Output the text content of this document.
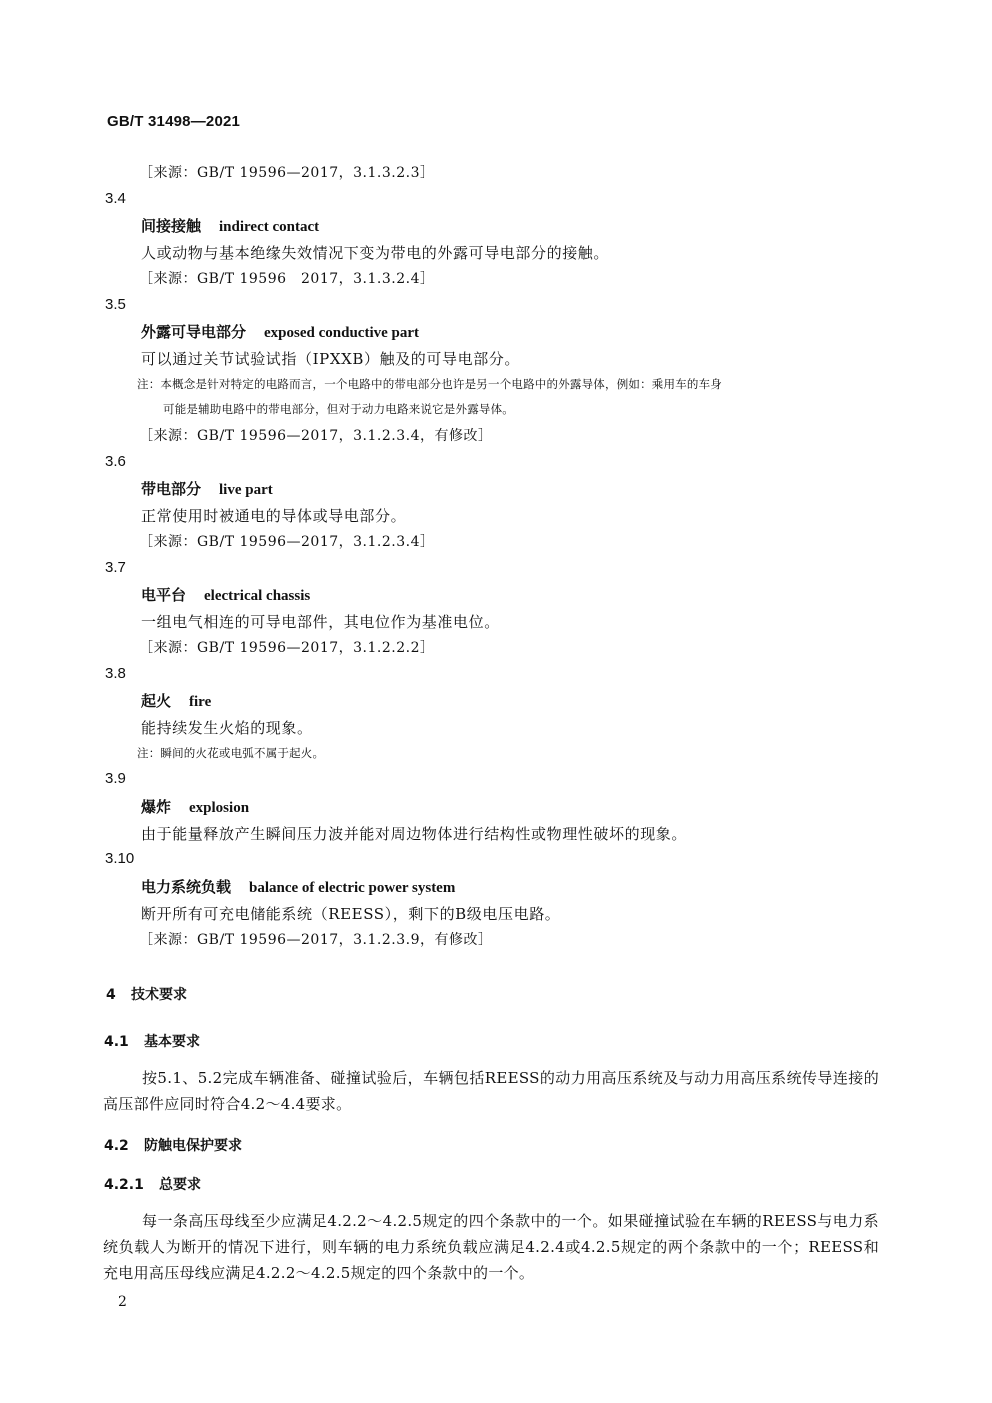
GB/T 31498—2021
［来源：GB/T 19596—2017，3.1.3.2.3］
3.4
间接接触 indirect contact
人或动物与基本绝缘失效情况下变为带电的外露可导电部分的接触。
［来源：GB/T 19596　2017，3.1.3.2.4］
3.5
外露可导电部分 exposed conductive part
可以通过关节试验试指（IPXXB）触及的可导电部分。
注：本概念是针对特定的电路而言，一个电路中的带电部分也许是另一个电路中的外露导体，例如：乘用车的车身
可能是辅助电路中的带电部分，但对于动力电路来说它是外露导体。
［来源：GB/T 19596—2017，3.1.2.3.4，有修改］
3.6
带电部分 live part
正常使用时被通电的导体或导电部分。
［来源：GB/T 19596—2017，3.1.2.3.4］
3.7
电平台 electrical chassis
一组电气相连的可导电部件，其电位作为基准电位。
［来源：GB/T 19596—2017，3.1.2.2.2］
3.8
起火 fire
能持续发生火焰的现象。
注：瞬间的火花或电弧不属于起火。
3.9
爆炸 explosion
由于能量释放产生瞬间压力波并能对周边物体进行结构性或物理性破坏的现象。
3.10
电力系统负载 balance of electric power system
断开所有可充电储能系统（REESS），剩下的B级电压电路。
［来源：GB/T 19596—2017，3.1.2.3.9，有修改］
4 技术要求
4.1 基本要求

按5.1、5.2完成车辆准备、碰撞试验后，车辆包括REESS的动力用高压系统及与动力用高压系统传导连接的高压部件应同时符合4.2～4.4要求。

4.2 防触电保护要求
4.2.1 总要求

每一条高压母线至少应满足4.2.2～4.2.5规定的四个条款中的一个。如果碰撞试验在车辆的REESS与电力系统负载人为断开的情况下进行，则车辆的电力系统负载应满足4.2.4或4.2.5规定的两个条款中的一个；REESS和充电用高压母线应满足4.2.2～4.2.5规定的四个条款中的一个。

2
